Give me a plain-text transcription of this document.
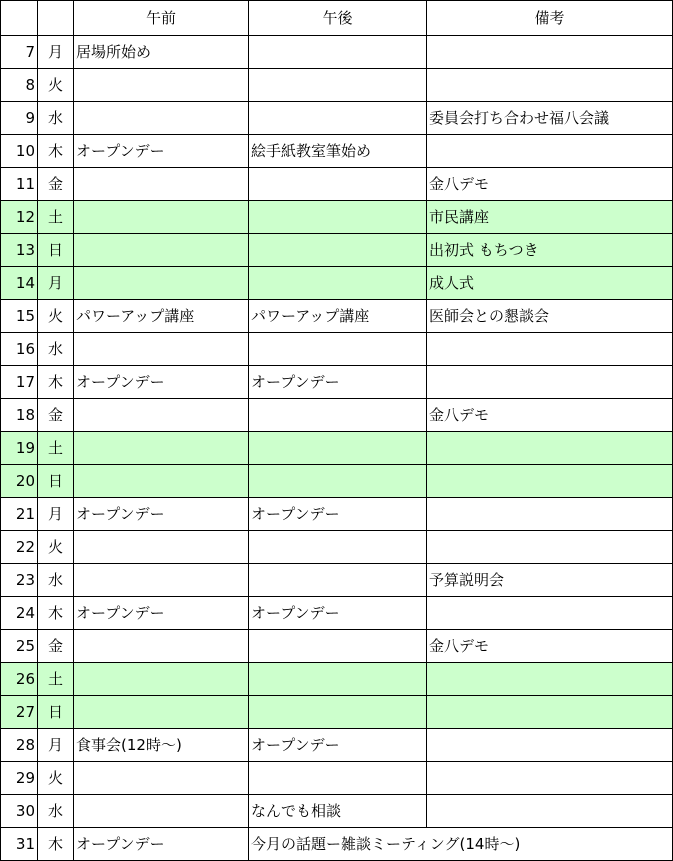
		午前	午後	備考
7	月	居場所始め		
8	火			
9	水			委員会打ち合わせ福八会議
10	木	オープンデー	絵手紙教室筆始め	
11	金			金八デモ
12	土			市民講座
13	日			出初式 もちつき
14	月			成人式
15	火	パワーアップ講座	パワーアップ講座	医師会との懇談会
16	水			
17	木	オープンデー	オープンデー	
18	金			金八デモ
19	土			
20	日			
21	月	オープンデー	オープンデー	
22	火			
23	水			予算説明会
24	木	オープンデー	オープンデー	
25	金			金八デモ
26	土			
27	日			
28	月	食事会(12時～)	オープンデー	
29	火			
30	水		なんでも相談	
31	木	オープンデー	今月の話題ー雑談ミーティング(14時～)	
